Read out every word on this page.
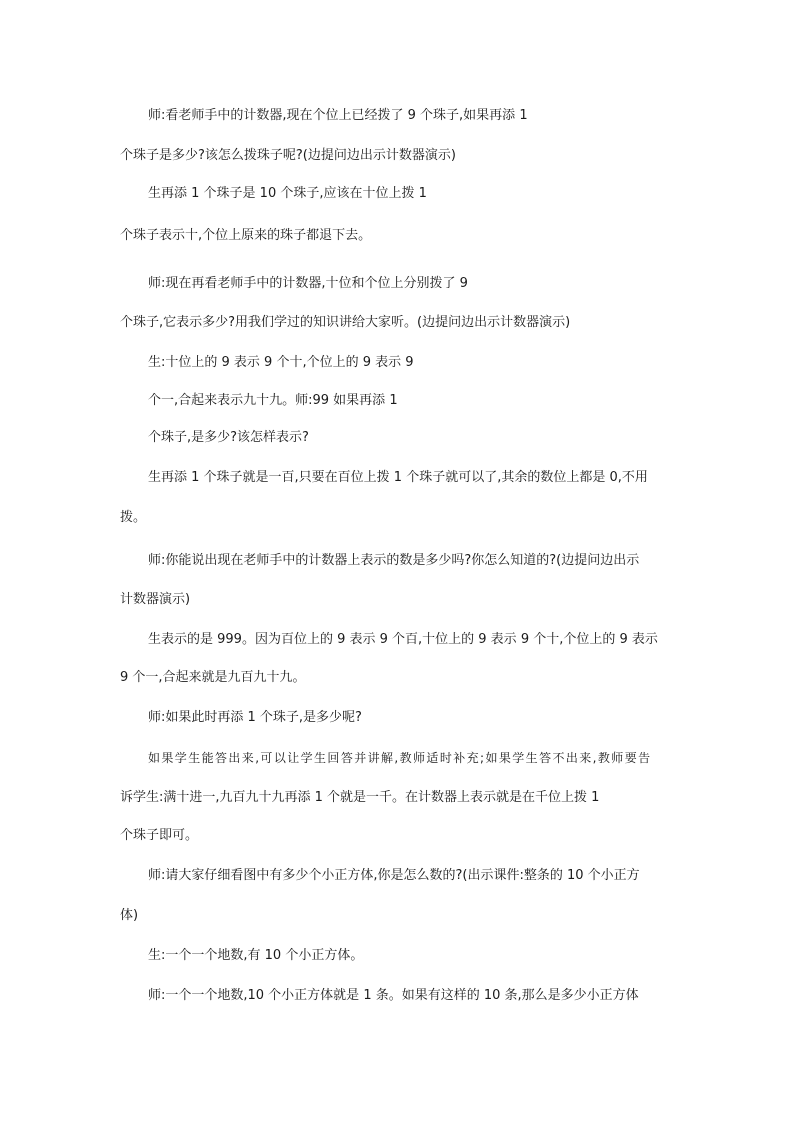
师:看老师手中的计数器,现在个位上已经拨了 9 个珠子,如果再添 1
个珠子是多少?该怎么拨珠子呢?(边提问边出示计数器演示)
生再添 1 个珠子是 10 个珠子,应该在十位上拨 1
个珠子表示十,个位上原来的珠子都退下去。
师:现在再看老师手中的计数器,十位和个位上分别拨了 9
个珠子,它表示多少?用我们学过的知识讲给大家听。(边提问边出示计数器演示)
生:十位上的 9 表示 9 个十,个位上的 9 表示 9
个一,合起来表示九十九。师:99 如果再添 1
个珠子,是多少?该怎样表示?
生再添 1 个珠子就是一百,只要在百位上拨 1 个珠子就可以了,其余的数位上都是 0,不用
拨。
师:你能说出现在老师手中的计数器上表示的数是多少吗?你怎么知道的?(边提问边出示
计数器演示)
生表示的是 999。因为百位上的 9 表示 9 个百,十位上的 9 表示 9 个十,个位上的 9 表示
9 个一,合起来就是九百九十九。
师:如果此时再添 1 个珠子,是多少呢?
如果学生能答出来,可以让学生回答并讲解,教师适时补充;如果学生答不出来,教师要告
诉学生:满十进一,九百九十九再添 1 个就是一千。在计数器上表示就是在千位上拨 1
个珠子即可。
师:请大家仔细看图中有多少个小正方体,你是怎么数的?(出示课件:整条的 10 个小正方
体)
生:一个一个地数,有 10 个小正方体。
师:一个一个地数,10 个小正方体就是 1 条。如果有这样的 10 条,那么是多少小正方体
